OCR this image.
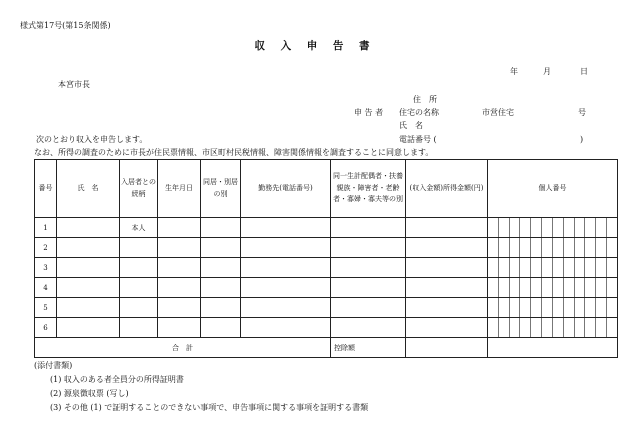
様式第17号(第15条関係)
収 入 申 告 書
年	月	日
本宮市長
住　所
申 告 者 住宅の名称	市営住宅	号
氏　名
電話番号 (	)
次のとおり収入を申告します。
なお、所得の調査のために市長が住民票情報、市区町村民税情報、障害関係情報を調査することに同意します。
番号	氏　名	入居者との続柄	生年月日	同居・別居の別	勤務先(電話番号)	同一生計配偶者・扶養親族・障害者・老齢者・寡婦・寡夫等の別	(収入金額)所得金額(円)	個人番号
1		本人						

2								

3								

4								

5								

6								

合　計						控除額		
(添付書類)
(1) 収入のある者全員分の所得証明書
(2) 源泉徴収票 (写し)
(3) その他 (1) で証明することのできない事項で、申告事項に関する事項を証明する書類
